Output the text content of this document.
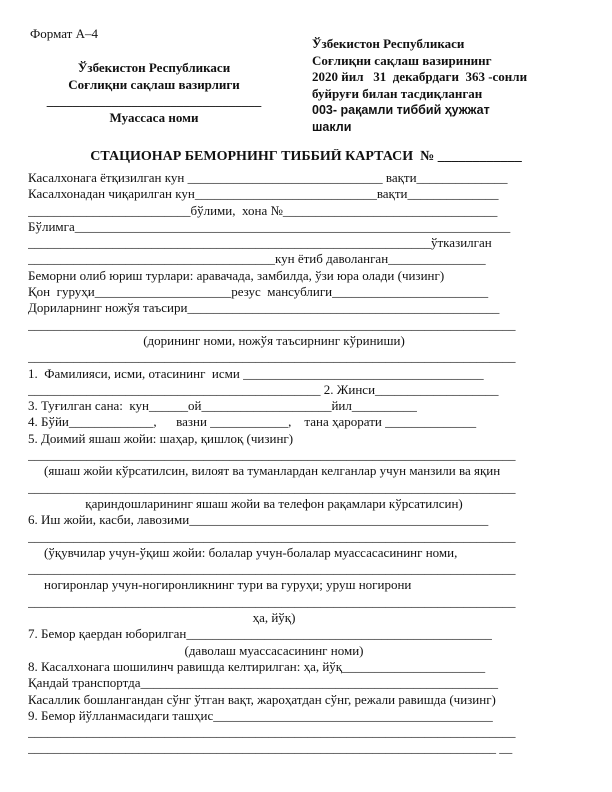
Формат А–4
Ўзбекистон Республикаси
Соғлиқни сақлаш вазирлиги
_________________________________
Муассаса номи
Ўзбекистон Республикаси
Соғлиқни сақлаш вазирининг
2020 йил   31  декабрдаги  363 -сонли
буйруғи билан тасдиқланган
003- рақамли тиббий ҳужжат
шакли
СТАЦИОНАР БЕМОРНИНГ ТИББИЙ КАРТАСИ  № ____________
Касалхонага ётқизилган кун ______________________________ вақти______________
Касалхонадан чиқарилган кун____________________________вақти______________
_________________________бўлими,  хона №_________________________________
Бўлимга___________________________________________________________________
______________________________________________________________ўтказилган
______________________________________кун ётиб даволанган_______________
Беморни олиб юриш турлари: аравачада, замбилда, ўзи юра олади (чизинг)
Қон  гуруҳи_____________________резус  мансублиги________________________
Дориларнинг ножўя таъсири________________________________________________
___________________________________________________________________________
(дорининг номи, ножўя таъсирнинг кўриниши)
___________________________________________________________________________
1.  Фамилияси, исми, отасининг  исми _____________________________________
_____________________________________________ 2. Жинси___________________
3. Туғилган сана:  кун______ой____________________йил__________
4. Бўйи_____________,      вазни ____________,    тана ҳарорати ______________
5. Доимий яшаш жойи: шаҳар, қишлоқ (чизинг)
___________________________________________________________________________
(яшаш жойи кўрсатилсин, вилоят ва туманлардан келганлар учун манзили ва яқин
___________________________________________________________________________
қариндошларининг яшаш жойи ва телефон рақамлари кўрсатилсин)
6. Иш жойи, касби, лавозими______________________________________________
___________________________________________________________________________
(ўқувчилар учун-ўқиш жойи: болалар учун-болалар муассасасининг номи,
___________________________________________________________________________
ногиронлар учун-ногиронликнинг тури ва гуруҳи; уруш ногирони
___________________________________________________________________________
ҳа, йўқ)
7. Бемор қаердан юборилган_______________________________________________
(даволаш муассасасининг номи)
8. Касалхонага шошилинч равишда келтирилган: ҳа, йўқ______________________
Қандай транспортда_______________________________________________________
Касаллик бошлангандан сўнг ўтган вақт, жароҳатдан сўнг, режали равишда (чизинг)
9. Бемор йўлланмасидаги ташҳис___________________________________________
___________________________________________________________________________
________________________________________________________________________ __
